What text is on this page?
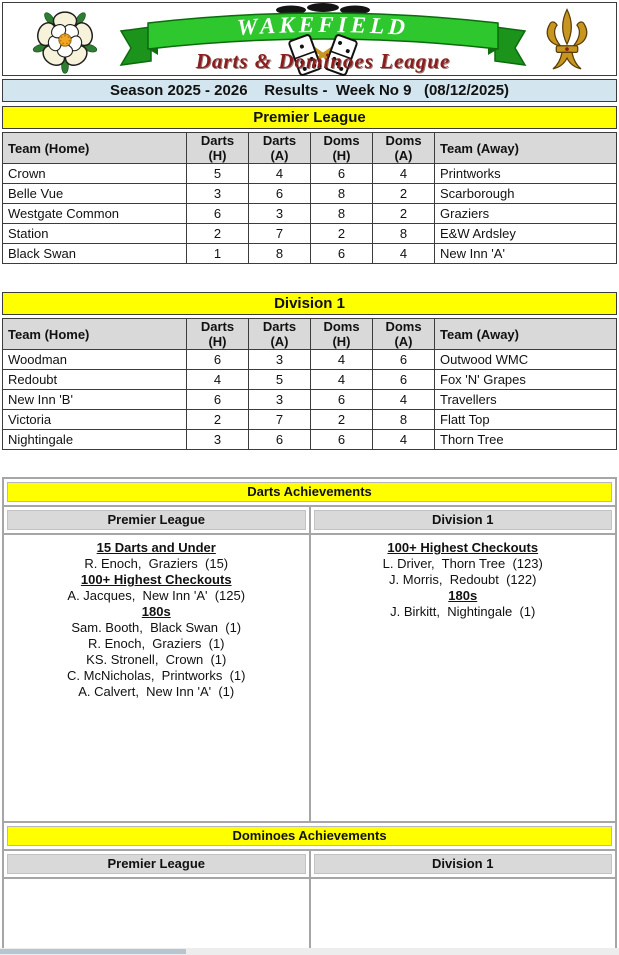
WAKEFIELD
Darts & Dominoes League
Season 2025 - 2026    Results -  Week No 9   (08/12/2025)
Premier League
Team (Home)	Darts (H)	Darts (A)	Doms (H)	Doms (A)	Team (Away)
Crown	5	4	6	4	Printworks
Belle Vue	3	6	8	2	Scarborough
Westgate Common	6	3	8	2	Graziers
Station	2	7	2	8	E&W Ardsley
Black Swan	1	8	6	4	New Inn 'A'
Division 1
Team (Home)	Darts (H)	Darts (A)	Doms (H)	Doms (A)	Team (Away)
Woodman	6	3	4	6	Outwood WMC
Redoubt	4	5	4	6	Fox 'N' Grapes
New Inn 'B'	6	3	6	4	Travellers
Victoria	2	7	2	8	Flatt Top
Nightingale	3	6	6	4	Thorn Tree
Darts Achievements	

Premier League	Division 1

15 Darts and Under
R. Enoch,  Graziers  (15)
100+ Highest Checkouts
A. Jacques,  New Inn 'A'  (125)
180s
Sam. Booth,  Black Swan  (1)
R. Enoch,  Graziers  (1)
KS. Stronell,  Crown  (1)
C. McNicholas,  Printworks  (1)
A. Calvert,  New Inn 'A'  (1)

100+ Highest Checkouts
L. Driver,  Thorn Tree  (123)
J. Morris,  Redoubt  (122)
180s
J. Birkitt,  Nightingale  (1)

Dominoes Achievements	

Premier League	Division 1
